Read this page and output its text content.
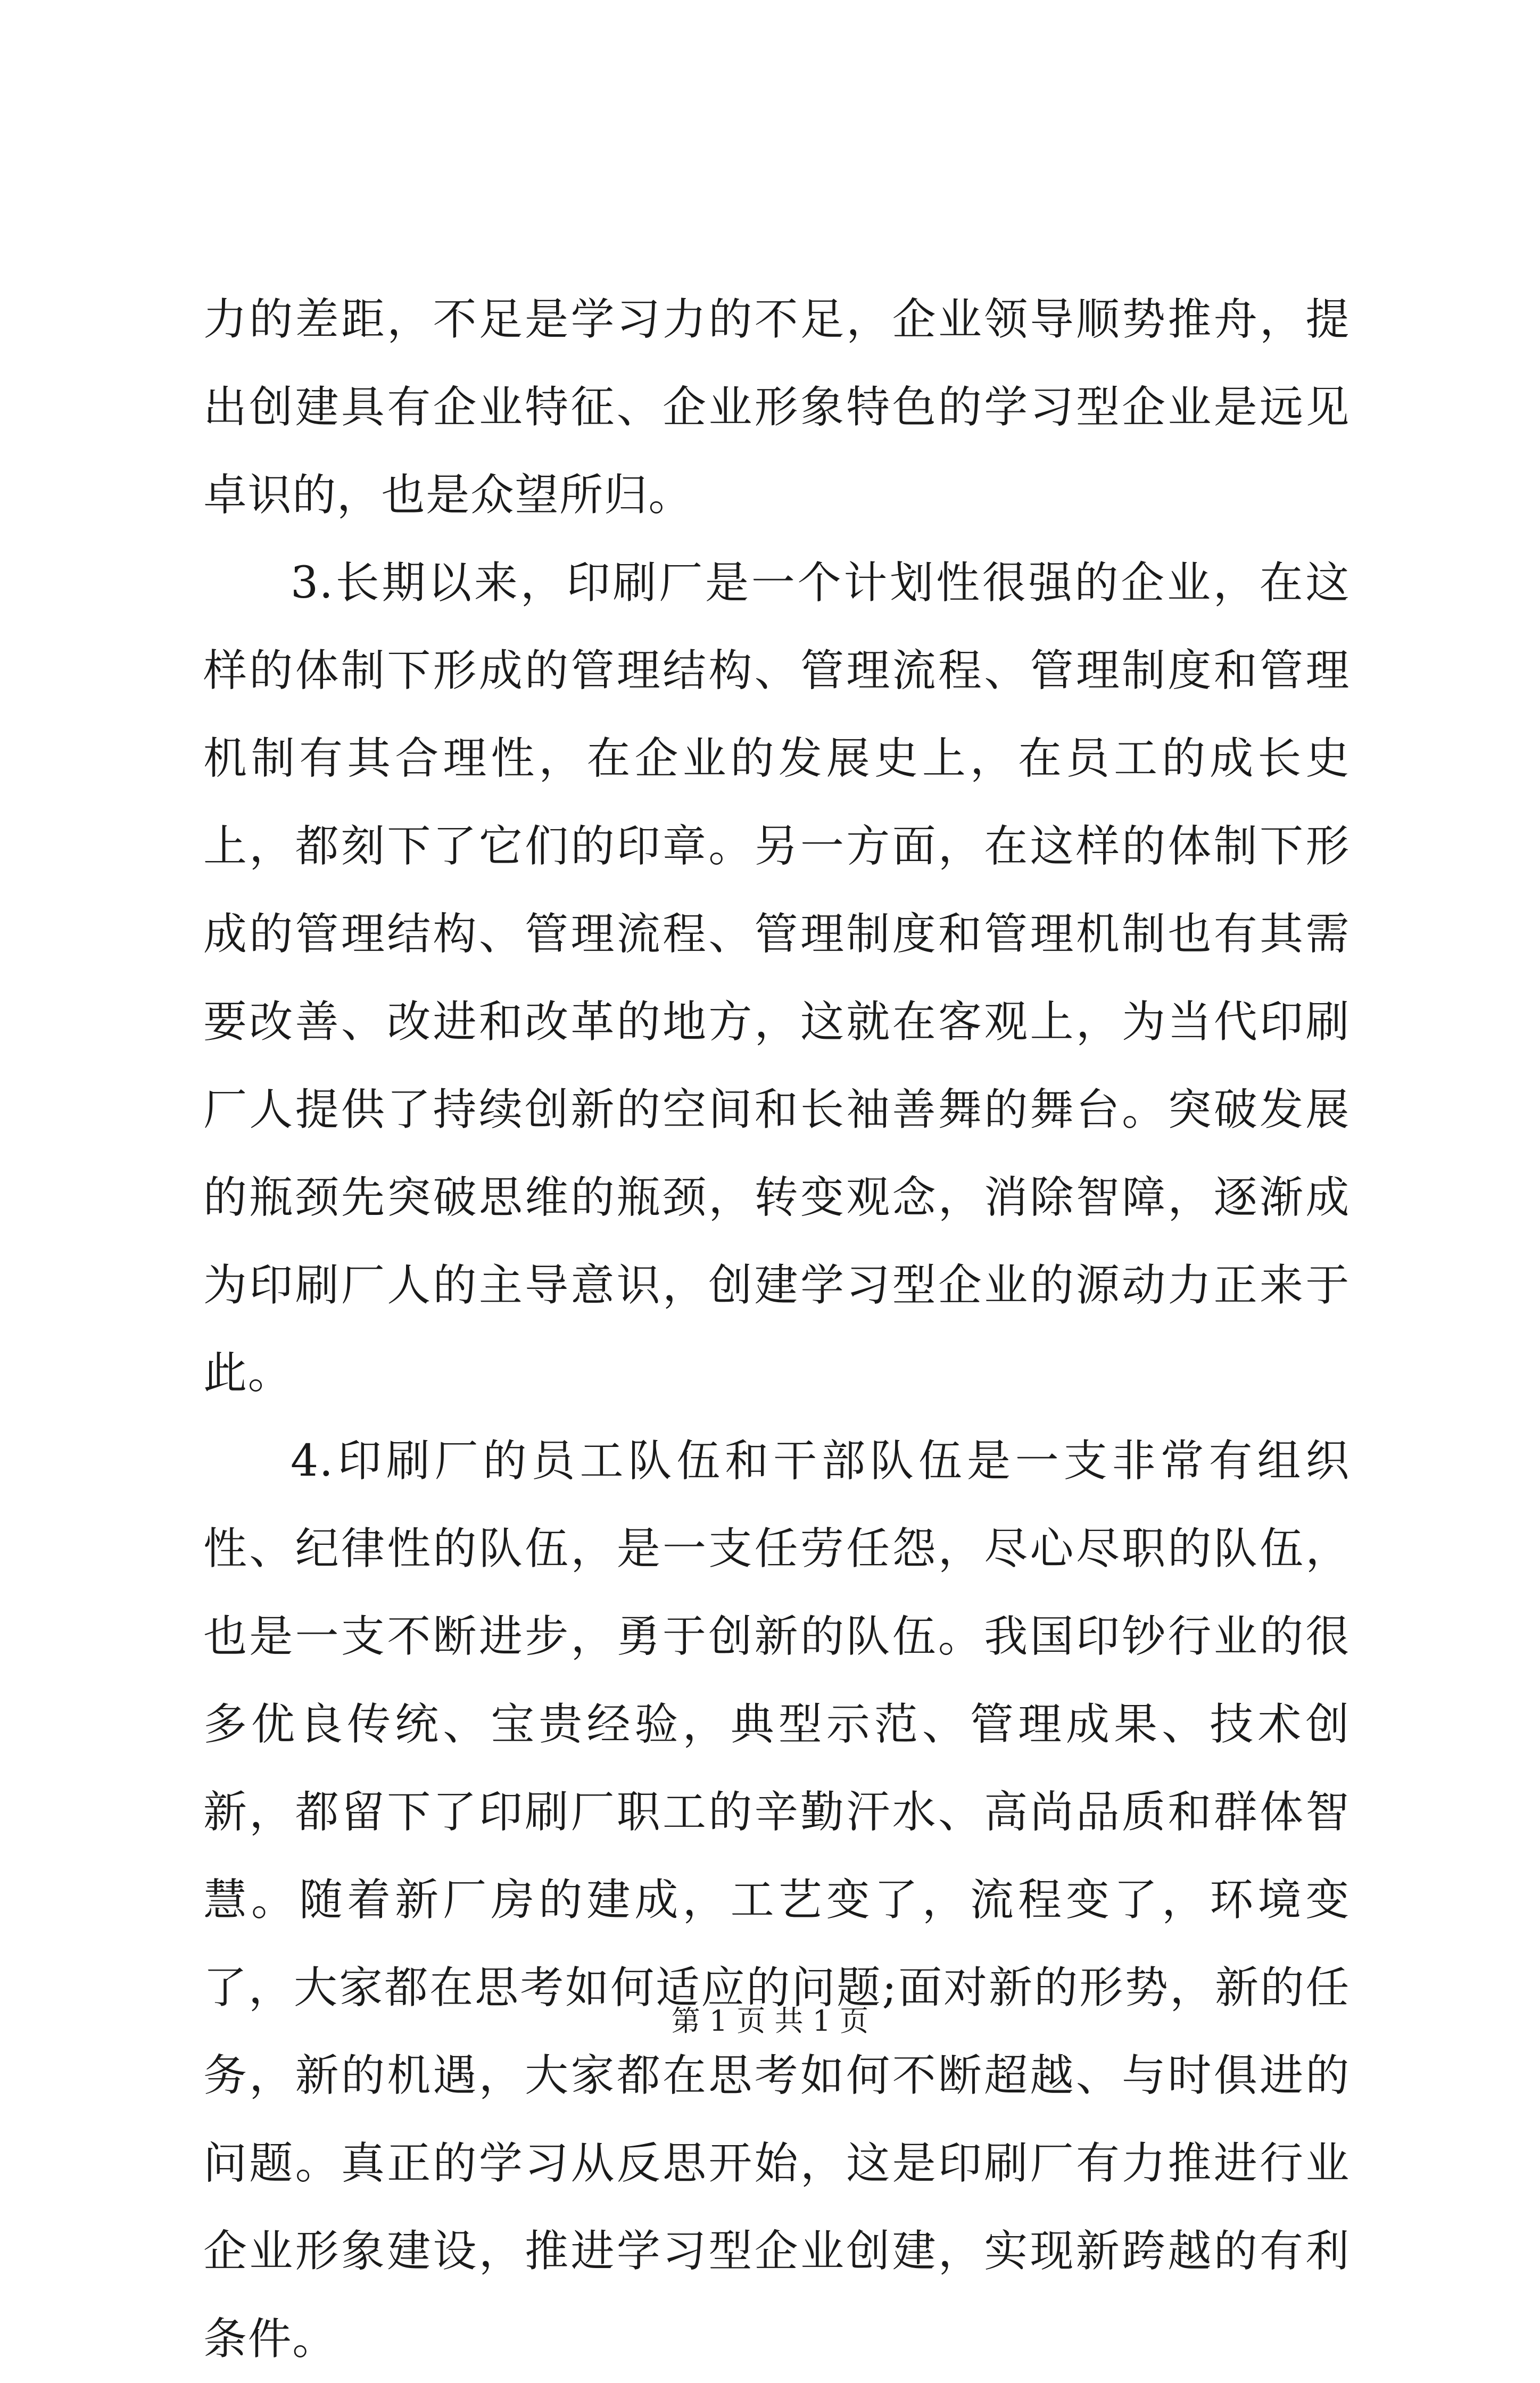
力的差距，不足是学习力的不足，企业领导顺势推舟，提出创建具有企业特征、企业形象特色的学习型企业是远见卓识的，也是众望所归。

3.长期以来，印刷厂是一个计划性很强的企业，在这样的体制下形成的管理结构、管理流程、管理制度和管理机制有其合理性，在企业的发展史上，在员工的成长史上，都刻下了它们的印章。另一方面，在这样的体制下形成的管理结构、管理流程、管理制度和管理机制也有其需要改善、改进和改革的地方，这就在客观上，为当代印刷厂人提供了持续创新的空间和长袖善舞的舞台。突破发展的瓶颈先突破思维的瓶颈，转变观念，消除智障，逐渐成为印刷厂人的主导意识，创建学习型企业的源动力正来于此。

4.印刷厂的员工队伍和干部队伍是一支非常有组织性、纪律性的队伍，是一支任劳任怨，尽心尽职的队伍，也是一支不断进步，勇于创新的队伍。我国印钞行业的很多优良传统、宝贵经验，典型示范、管理成果、技术创新，都留下了印刷厂职工的辛勤汗水、高尚品质和群体智慧。随着新厂房的建成，工艺变了，流程变了，环境变了，大家都在思考如何适应的问题;面对新的形势，新的任务，新的机遇，大家都在思考如何不断超越、与时俱进的问题。真正的学习从反思开始，这是印刷厂有力推进行业企业形象建设，推进学习型企业创建，实现新跨越的有利条件。

第 1 页 共 1 页
